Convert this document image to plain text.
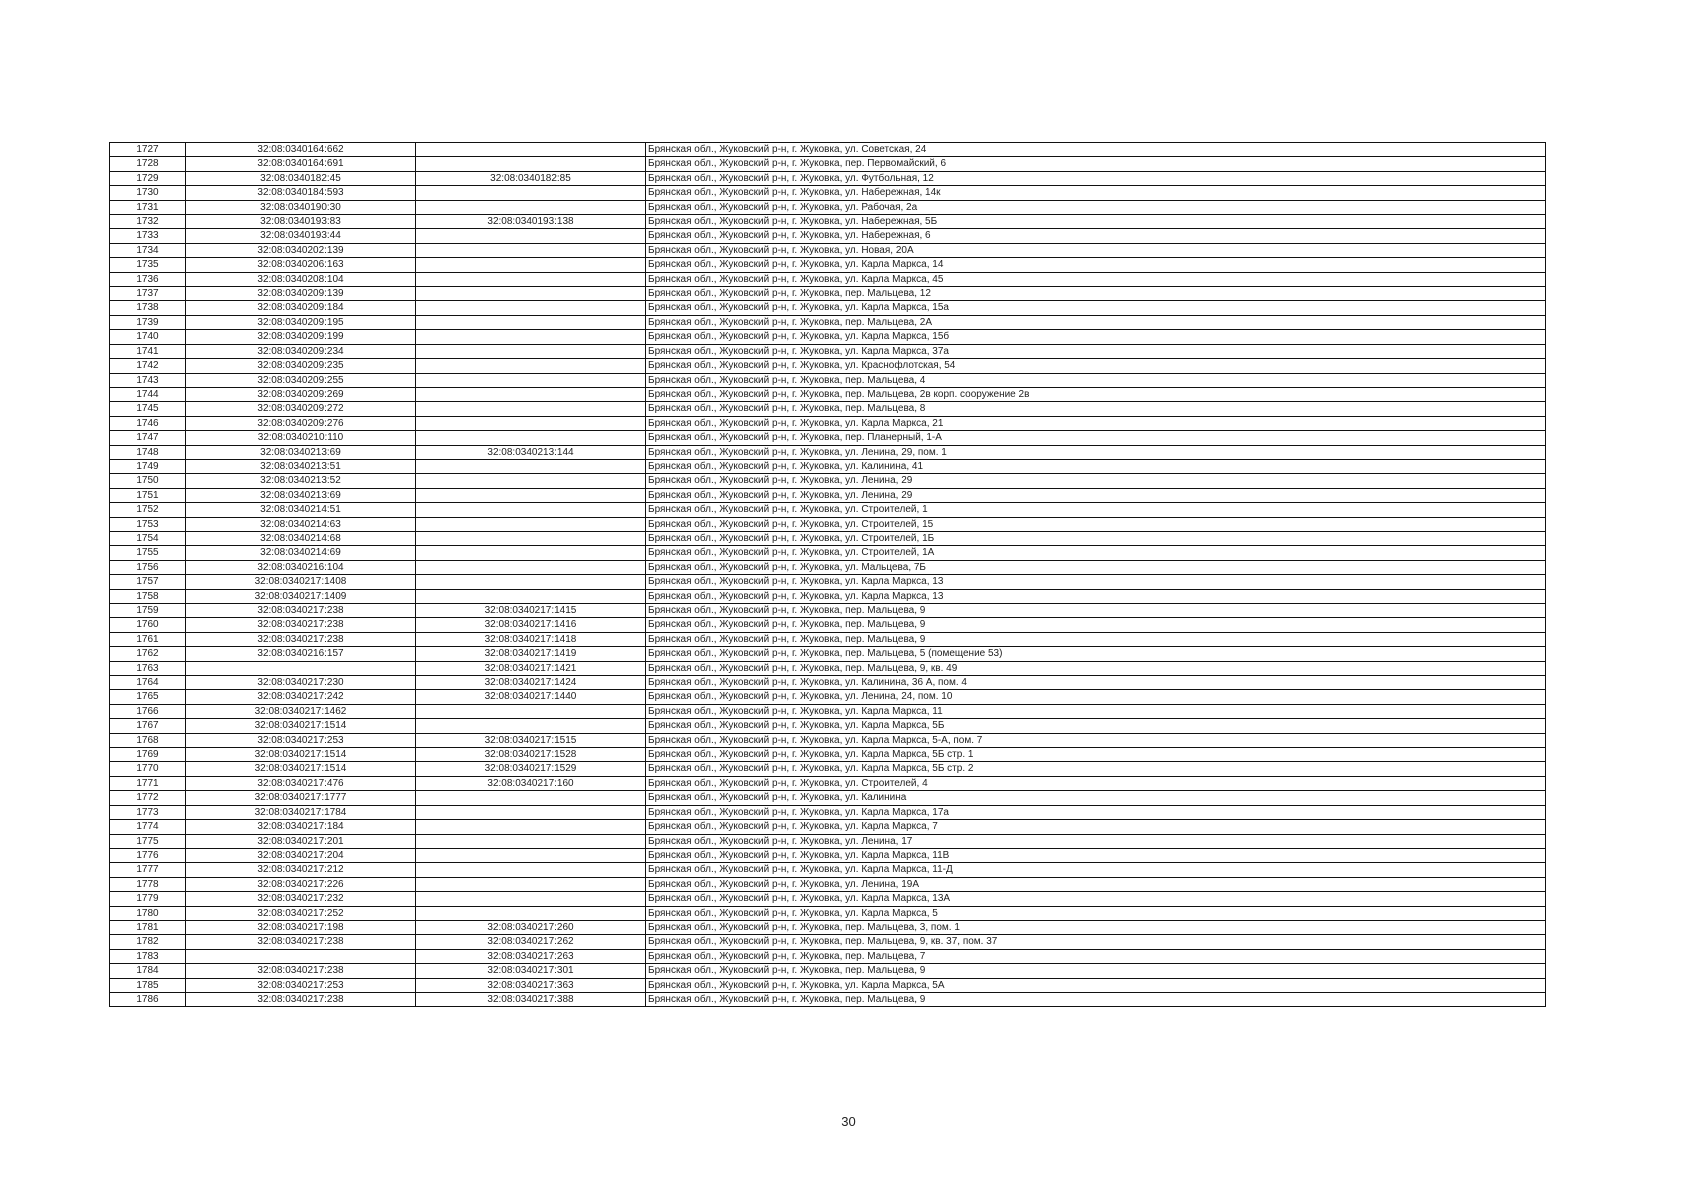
1727	32:08:0340164:662		Брянская обл., Жуковский р-н, г. Жуковка, ул. Советская, 24
1728	32:08:0340164:691		Брянская обл., Жуковский р-н, г. Жуковка, пер. Первомайский, 6
1729	32:08:0340182:45	32:08:0340182:85	Брянская обл., Жуковский р-н, г. Жуковка, ул. Футбольная, 12
1730	32:08:0340184:593		Брянская обл., Жуковский р-н, г. Жуковка, ул. Набережная, 14к
1731	32:08:0340190:30		Брянская обл., Жуковский р-н, г. Жуковка, ул. Рабочая, 2а
1732	32:08:0340193:83	32:08:0340193:138	Брянская обл., Жуковский р-н, г. Жуковка, ул. Набережная, 5Б
1733	32:08:0340193:44		Брянская обл., Жуковский р-н, г. Жуковка, ул. Набережная, 6
1734	32:08:0340202:139		Брянская обл., Жуковский р-н, г. Жуковка, ул. Новая, 20А
1735	32:08:0340206:163		Брянская обл., Жуковский р-н, г. Жуковка, ул. Карла Маркса, 14
1736	32:08:0340208:104		Брянская обл., Жуковский р-н, г. Жуковка, ул. Карла Маркса, 45
1737	32:08:0340209:139		Брянская обл., Жуковский р-н, г. Жуковка, пер. Мальцева, 12
1738	32:08:0340209:184		Брянская обл., Жуковский р-н, г. Жуковка, ул. Карла Маркса, 15а
1739	32:08:0340209:195		Брянская обл., Жуковский р-н, г. Жуковка, пер. Мальцева, 2А
1740	32:08:0340209:199		Брянская обл., Жуковский р-н, г. Жуковка, ул. Карла Маркса, 15б
1741	32:08:0340209:234		Брянская обл., Жуковский р-н, г. Жуковка, ул. Карла Маркса, 37а
1742	32:08:0340209:235		Брянская обл., Жуковский р-н, г. Жуковка, ул. Краснофлотская, 54
1743	32:08:0340209:255		Брянская обл., Жуковский р-н, г. Жуковка, пер. Мальцева, 4
1744	32:08:0340209:269		Брянская обл., Жуковский р-н, г. Жуковка, пер. Мальцева, 2в корп. сооружение 2в
1745	32:08:0340209:272		Брянская обл., Жуковский р-н, г. Жуковка, пер. Мальцева, 8
1746	32:08:0340209:276		Брянская обл., Жуковский р-н, г. Жуковка, ул. Карла Маркса, 21
1747	32:08:0340210:110		Брянская обл., Жуковский р-н, г. Жуковка, пер. Планерный, 1-А
1748	32:08:0340213:69	32:08:0340213:144	Брянская обл., Жуковский р-н, г. Жуковка, ул. Ленина, 29, пом. 1
1749	32:08:0340213:51		Брянская обл., Жуковский р-н, г. Жуковка, ул. Калинина, 41
1750	32:08:0340213:52		Брянская обл., Жуковский р-н, г. Жуковка, ул. Ленина, 29
1751	32:08:0340213:69		Брянская обл., Жуковский р-н, г. Жуковка, ул. Ленина, 29
1752	32:08:0340214:51		Брянская обл., Жуковский р-н, г. Жуковка, ул. Строителей, 1
1753	32:08:0340214:63		Брянская обл., Жуковский р-н, г. Жуковка, ул. Строителей, 15
1754	32:08:0340214:68		Брянская обл., Жуковский р-н, г. Жуковка, ул. Строителей, 1Б
1755	32:08:0340214:69		Брянская обл., Жуковский р-н, г. Жуковка, ул. Строителей, 1А
1756	32:08:0340216:104		Брянская обл., Жуковский р-н, г. Жуковка, ул. Мальцева, 7Б
1757	32:08:0340217:1408		Брянская обл., Жуковский р-н, г. Жуковка, ул. Карла Маркса, 13
1758	32:08:0340217:1409		Брянская обл., Жуковский р-н, г. Жуковка, ул. Карла Маркса, 13
1759	32:08:0340217:238	32:08:0340217:1415	Брянская обл., Жуковский р-н, г. Жуковка, пер. Мальцева, 9
1760	32:08:0340217:238	32:08:0340217:1416	Брянская обл., Жуковский р-н, г. Жуковка, пер. Мальцева, 9
1761	32:08:0340217:238	32:08:0340217:1418	Брянская обл., Жуковский р-н, г. Жуковка, пер. Мальцева, 9
1762	32:08:0340216:157	32:08:0340217:1419	Брянская обл., Жуковский р-н, г. Жуковка, пер. Мальцева, 5 (помещение 53)
1763		32:08:0340217:1421	Брянская обл., Жуковский р-н, г. Жуковка, пер. Мальцева, 9, кв. 49
1764	32:08:0340217:230	32:08:0340217:1424	Брянская обл., Жуковский р-н, г. Жуковка, ул. Калинина, 36 А, пом. 4
1765	32:08:0340217:242	32:08:0340217:1440	Брянская обл., Жуковский р-н, г. Жуковка, ул. Ленина, 24, пом. 10
1766	32:08:0340217:1462		Брянская обл., Жуковский р-н, г. Жуковка, ул. Карла Маркса, 11
1767	32:08:0340217:1514		Брянская обл., Жуковский р-н, г. Жуковка, ул. Карла Маркса, 5Б
1768	32:08:0340217:253	32:08:0340217:1515	Брянская обл., Жуковский р-н, г. Жуковка, ул. Карла Маркса, 5-А, пом. 7
1769	32:08:0340217:1514	32:08:0340217:1528	Брянская обл., Жуковский р-н, г. Жуковка, ул. Карла Маркса, 5Б стр. 1
1770	32:08:0340217:1514	32:08:0340217:1529	Брянская обл., Жуковский р-н, г. Жуковка, ул. Карла Маркса, 5Б стр. 2
1771	32:08:0340217:476	32:08:0340217:160	Брянская обл., Жуковский р-н, г. Жуковка, ул. Строителей, 4
1772	32:08:0340217:1777		Брянская обл., Жуковский р-н, г. Жуковка, ул. Калинина
1773	32:08:0340217:1784		Брянская обл., Жуковский р-н, г. Жуковка, ул. Карла Маркса, 17а
1774	32:08:0340217:184		Брянская обл., Жуковский р-н, г. Жуковка, ул. Карла Маркса, 7
1775	32:08:0340217:201		Брянская обл., Жуковский р-н, г. Жуковка, ул. Ленина, 17
1776	32:08:0340217:204		Брянская обл., Жуковский р-н, г. Жуковка, ул. Карла Маркса, 11В
1777	32:08:0340217:212		Брянская обл., Жуковский р-н, г. Жуковка, ул. Карла Маркса, 11-Д
1778	32:08:0340217:226		Брянская обл., Жуковский р-н, г. Жуковка, ул. Ленина, 19А
1779	32:08:0340217:232		Брянская обл., Жуковский р-н, г. Жуковка, ул. Карла Маркса, 13А
1780	32:08:0340217:252		Брянская обл., Жуковский р-н, г. Жуковка, ул. Карла Маркса, 5
1781	32:08:0340217:198	32:08:0340217:260	Брянская обл., Жуковский р-н, г. Жуковка, пер. Мальцева, 3, пом. 1
1782	32:08:0340217:238	32:08:0340217:262	Брянская обл., Жуковский р-н, г. Жуковка, пер. Мальцева, 9, кв. 37, пом. 37
1783		32:08:0340217:263	Брянская обл., Жуковский р-н, г. Жуковка, пер. Мальцева, 7
1784	32:08:0340217:238	32:08:0340217:301	Брянская обл., Жуковский р-н, г. Жуковка, пер. Мальцева, 9
1785	32:08:0340217:253	32:08:0340217:363	Брянская обл., Жуковский р-н, г. Жуковка, ул. Карла Маркса, 5А
1786	32:08:0340217:238	32:08:0340217:388	Брянская обл., Жуковский р-н, г. Жуковка, пер. Мальцева, 9
30
